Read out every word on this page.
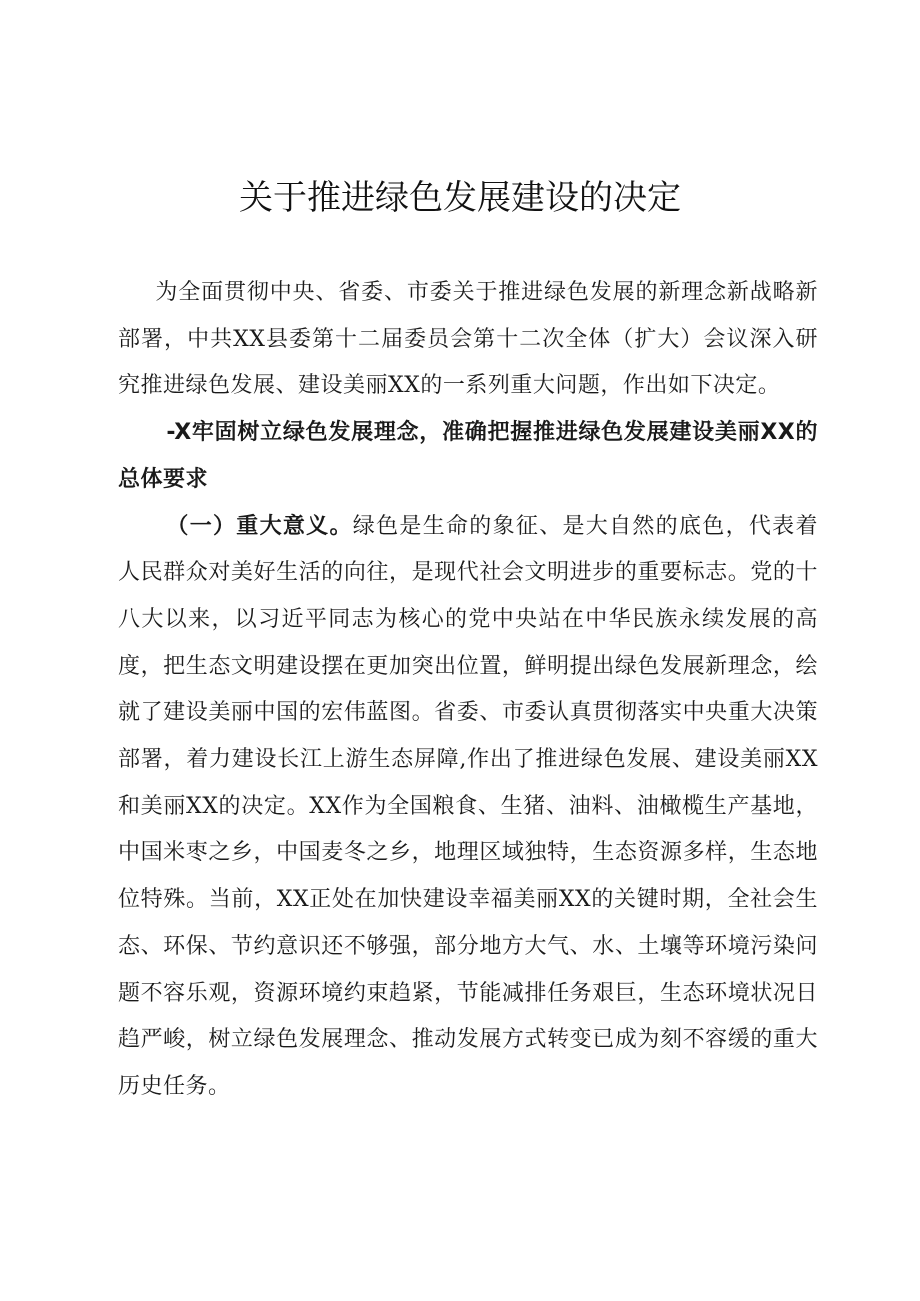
关于推进绿色发展建设的决定

为全面贯彻中央、省委、市委关于推进绿色发展的新理念新战略新部署，中共XX县委第十二届委员会第十二次全体（扩大）会议深入研究推进绿色发展、建设美丽XX的一系列重大问题，作出如下决定。

-X牢固树立绿色发展理念，准确把握推进绿色发展建设美丽XX的总体要求

（一）重大意义。绿色是生命的象征、是大自然的底色，代表着人民群众对美好生活的向往，是现代社会文明进步的重要标志。党的十八大以来，以习近平同志为核心的党中央站在中华民族永续发展的高度，把生态文明建设摆在更加突出位置，鲜明提出绿色发展新理念，绘就了建设美丽中国的宏伟蓝图。省委、市委认真贯彻落实中央重大决策部署，着力建设长江上游生态屏障,作出了推进绿色发展、建设美丽XX和美丽XX的决定。XX作为全国粮食、生猪、油料、油橄榄生产基地，中国米枣之乡，中国麦冬之乡，地理区域独特，生态资源多样，生态地位特殊。当前，XX正处在加快建设幸福美丽XX的关键时期，全社会生态、环保、节约意识还不够强，部分地方大气、水、土壤等环境污染问题不容乐观，资源环境约束趋紧，节能减排任务艰巨，生态环境状况日趋严峻，树立绿色发展理念、推动发展方式转变已成为刻不容缓的重大历史任务。
